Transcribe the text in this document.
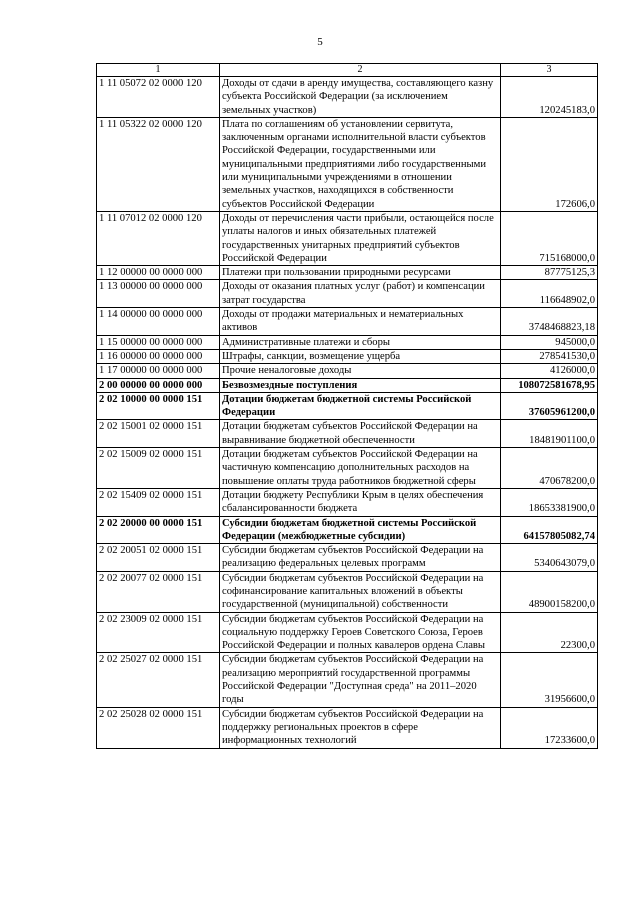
5
1	2	3
1 11 05072 02 0000 120	Доходы от сдачи в аренду имущества, составляющего казну субъекта Российской Федерации (за исключением земельных участков)	120245183,0
1 11 05322 02 0000 120	Плата по соглашениям об установлении сервитута, заключенным органами исполнительной власти субъектов Российской Федерации, государственными или муниципальными предприятиями либо государственными или муниципальными учреждениями в отношении земельных участков, находящихся в собственности субъектов Российской Федерации	172606,0
1 11 07012 02 0000 120	Доходы от перечисления части прибыли, остающейся после уплаты налогов и иных обязательных платежей государственных унитарных предприятий субъектов Российской Федерации	715168000,0
1 12 00000 00 0000 000	Платежи при пользовании природными ресурсами	87775125,3
1 13 00000 00 0000 000	Доходы от оказания платных услуг (работ) и компенсации затрат государства	116648902,0
1 14 00000 00 0000 000	Доходы от продажи материальных и нематериальных активов	3748468823,18
1 15 00000 00 0000 000	Административные платежи и сборы	945000,0
1 16 00000 00 0000 000	Штрафы, санкции, возмещение ущерба	278541530,0
1 17 00000 00 0000 000	Прочие неналоговые доходы	4126000,0
2 00 00000 00 0000 000	Безвозмездные поступления	108072581678,95
2 02 10000 00 0000 151	Дотации бюджетам бюджетной системы Российской Федерации	37605961200,0
2 02 15001 02 0000 151	Дотации бюджетам субъектов Российской Федерации на выравнивание бюджетной обеспеченности	18481901100,0
2 02 15009 02 0000 151	Дотации бюджетам субъектов Российской Федерации на частичную компенсацию дополнительных расходов на повышение оплаты труда работников бюджетной сферы	470678200,0
2 02 15409 02 0000 151	Дотации бюджету Республики Крым в целях обеспечения сбалансированности бюджета	18653381900,0
2 02 20000 00 0000 151	Субсидии бюджетам бюджетной системы Российской Федерации (межбюджетные субсидии)	64157805082,74
2 02 20051 02 0000 151	Субсидии бюджетам субъектов Российской Федерации на реализацию федеральных целевых программ	5340643079,0
2 02 20077 02 0000 151	Субсидии бюджетам субъектов Российской Федерации на софинансирование капитальных вложений в объекты государственной (муниципальной) собственности	48900158200,0
2 02 23009 02 0000 151	Субсидии бюджетам субъектов Российской Федерации на социальную поддержку Героев Советского Союза, Героев Российской Федерации и полных кавалеров ордена Славы	22300,0
2 02 25027 02 0000 151	Субсидии бюджетам субъектов Российской Федерации на реализацию мероприятий государственной программы Российской Федерации "Доступная среда" на 2011–2020 годы	31956600,0
2 02 25028 02 0000 151	Субсидии бюджетам субъектов Российской Федерации на поддержку региональных проектов в сфере информационных технологий	17233600,0
